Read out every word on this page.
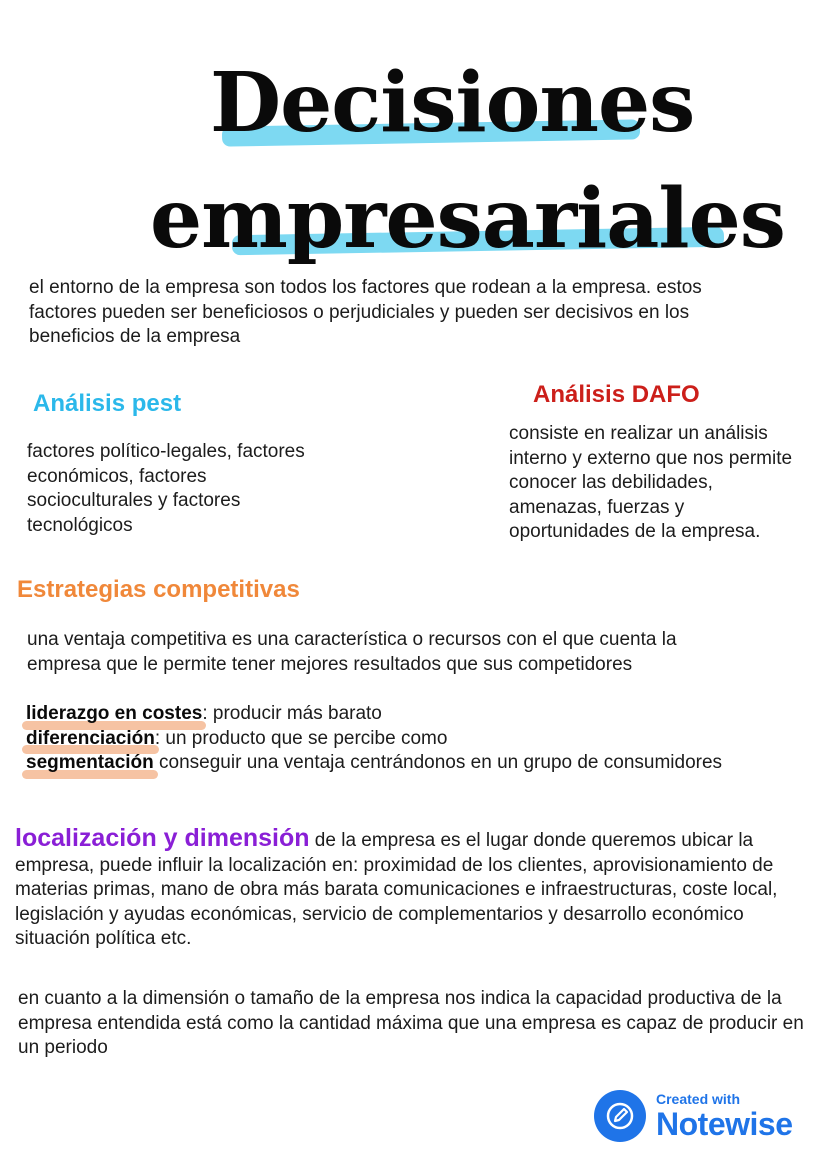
Decisiones
empresariales
el entorno de la empresa son todos los factores que rodean a la empresa. estos factores pueden ser beneficiosos o perjudiciales y pueden ser decisivos en los beneficios de la empresa
Análisis pest
factores político-legales, factores económicos, factores socioculturales y factores tecnológicos
Análisis DAFO
consiste en realizar un análisis interno y externo que nos permite conocer las debilidades, amenazas, fuerzas y oportunidades de la empresa.
Estrategias competitivas
una ventaja competitiva es una característica o recursos con el que cuenta la empresa que le permite tener mejores resultados que sus competidores
liderazgo en costes: producir más barato
diferenciación: un producto que se percibe como
segmentación conseguir una ventaja centrándonos en un grupo de consumidores
localización y dimensión de la empresa es el lugar donde queremos ubicar la
empresa, puede influir la localización en: proximidad de los clientes, aprovisionamiento de materias primas, mano de obra más barata comunicaciones e infraestructuras, coste local, legislación y ayudas económicas, servicio de complementarios y desarrollo económico situación política etc.
en cuanto a la dimensión o tamaño de la empresa nos indica la capacidad productiva de la empresa entendida está como la cantidad máxima que una empresa es capaz de producir en un periodo
Created with
Notewise
